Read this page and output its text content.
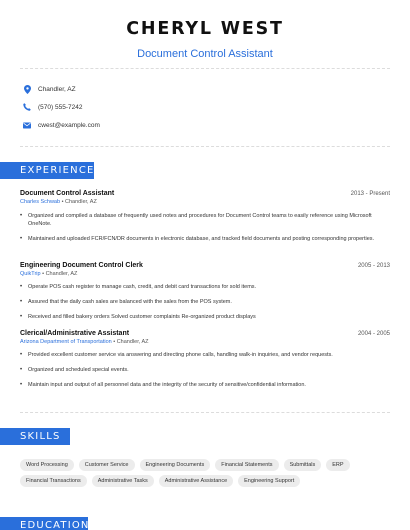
CHERYL WEST
Document Control Assistant
Chandler, AZ
(570) 555-7242
cwest@example.com
EXPERIENCE
Document Control Assistant	2013 - Present
Charles Schwab • Chandler, AZ
• Organized and compiled a database of frequently used notes and procedures for Document Control teams to easily reference using Microsoft OneNote.
• Maintained and uploaded FCR/FCN/DR documents in electronic database, and tracked field documents and posting corresponding properties.
Engineering Document Control Clerk	2005 - 2013
QuikTrip • Chandler, AZ
• Operate POS cash register to manage cash, credit, and debit card transactions for sold items.
• Assured that the daily cash sales are balanced with the sales from the POS system.
• Received and filled bakery orders Solved customer complaints Re-organized product displays
Clerical/Administrative Assistant	2004 - 2005
Arizona Department of Transportation • Chandler, AZ
• Provided excellent customer service via answering and directing phone calls, handling walk-in inquiries, and vendor requests.
• Organized and scheduled special events.
• Maintain input and output of all personnel data and the integrity of the security of sensitive/confidential information.
SKILLS
Word Processing	Customer Service	Engineering Documents	Financial Statements	Submittals	ERP
Financial Transactions	Administrative Tasks	Administrative Assistance	Engineering Support
EDUCATION
